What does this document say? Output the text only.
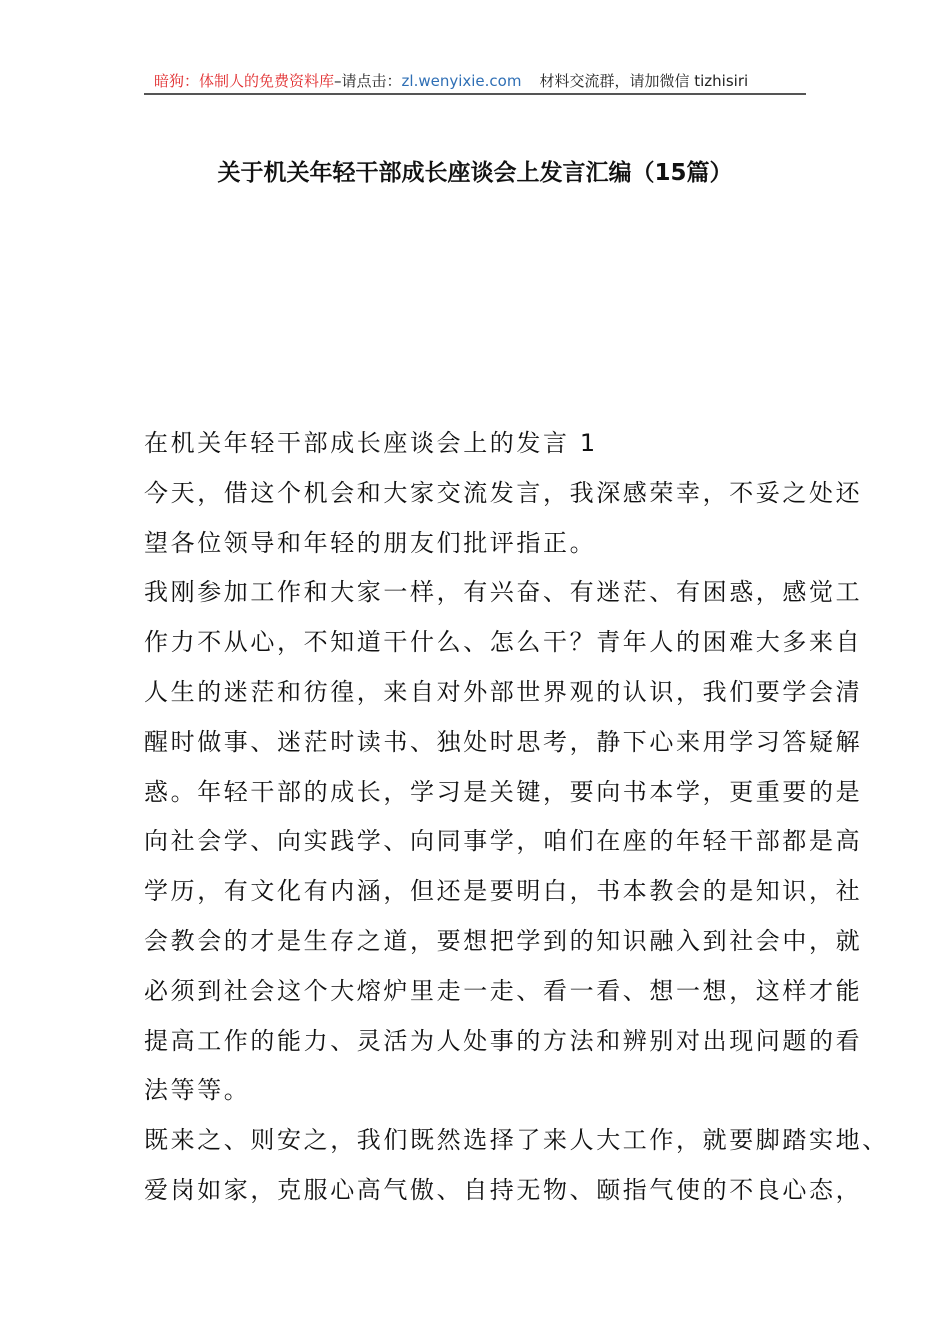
暗狗：体制人的免费资料库–请点击：zl.wenyixie.com 材料交流群，请加微信 tizhisiri
关于机关年轻干部成长座谈会上发言汇编（15篇）
在机关年轻干部成长座谈会上的发言 1
今天，借这个机会和大家交流发言，我深感荣幸，不妥之处还
望各位领导和年轻的朋友们批评指正。
我刚参加工作和大家一样，有兴奋、有迷茫、有困惑，感觉工
作力不从心，不知道干什么、怎么干？青年人的困难大多来自
人生的迷茫和彷徨，来自对外部世界观的认识，我们要学会清
醒时做事、迷茫时读书、独处时思考，静下心来用学习答疑解
惑。年轻干部的成长，学习是关键，要向书本学，更重要的是
向社会学、向实践学、向同事学，咱们在座的年轻干部都是高
学历，有文化有内涵，但还是要明白，书本教会的是知识，社
会教会的才是生存之道，要想把学到的知识融入到社会中，就
必须到社会这个大熔炉里走一走、看一看、想一想，这样才能
提高工作的能力、灵活为人处事的方法和辨别对出现问题的看
法等等。
既来之、则安之，我们既然选择了来人大工作，就要脚踏实地、
爱岗如家，克服心高气傲、自持无物、颐指气使的不良心态，
